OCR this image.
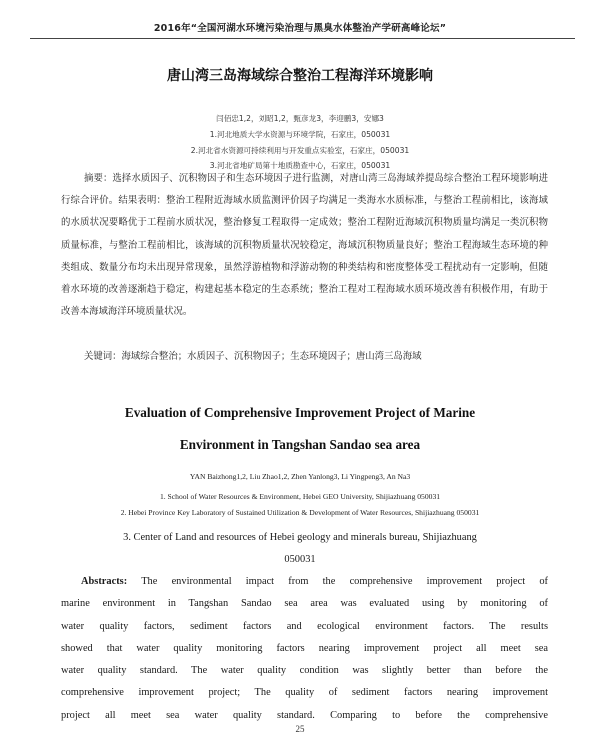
2016年“全国河湖水环境污染治理与黑臭水体整治产学研高峰论坛”
唐山湾三岛海域综合整治工程海洋环境影响
闫佰忠1,2，刘昭1,2，甄彦龙3，李迎鹏3，安娜3
1.河北地质大学水资源与环境学院，石家庄，050031
2.河北省水资源可持续利用与开发重点实验室，石家庄，050031
3.河北省地矿局第十地质勘查中心，石家庄，050031

摘要：选择水质因子、沉积物因子和生态环境因子进行监测，对唐山湾三岛海域养提岛综合整治工程环境影响进行综合评价。结果表明：整治工程附近海域水质监测评价因子均满足一类海水水质标准，与整治工程前相比，该海域的水质状况要略优于工程前水质状况，整治修复工程取得一定成效；整治工程附近海域沉积物质量均满足一类沉积物质量标准，与整治工程前相比，该海域的沉积物质量状况较稳定，海域沉积物质量良好；整治工程海域生态环境的种类组成、数量分布均未出现异常现象，虽然浮游植物和浮游动物的种类结构和密度整体受工程扰动有一定影响，但随着水环境的改善逐渐趋于稳定，构建起基本稳定的生态系统；整治工程对工程海域水质环境改善有积极作用，有助于改善本海域海洋环境质量状况。

关键词：海域综合整治；水质因子、沉积物因子；生态环境因子；唐山湾三岛海域

Evaluation of Comprehensive Improvement Project of Marine
Environment in Tangshan Sandao sea area
YAN Baizhong1,2, Liu Zhao1,2, Zhen Yanlong3, Li Yingpeng3, An Na3
1. School of Water Resources & Environment, Hebei GEO University, Shijiazhuang 050031
2. Hebei Province Key Laboratory of Sustained Utilization & Development of Water Resources, Shijiazhuang 050031
3. Center of Land and resources of Hebei geology and minerals bureau, Shijiazhuang
050031
Abstracts: The environmental impact from the comprehensive improvement project of
marine environment in Tangshan Sandao sea area was evaluated using by monitoring of
water quality factors, sediment factors and ecological environment factors. The results
showed that water quality monitoring factors nearing improvement project all meet sea
water quality standard. The water quality condition was slightly better than before the
comprehensive improvement project; The quality of sediment factors nearing improvement
project all meet sea water quality standard. Comparing to before the comprehensive
25
